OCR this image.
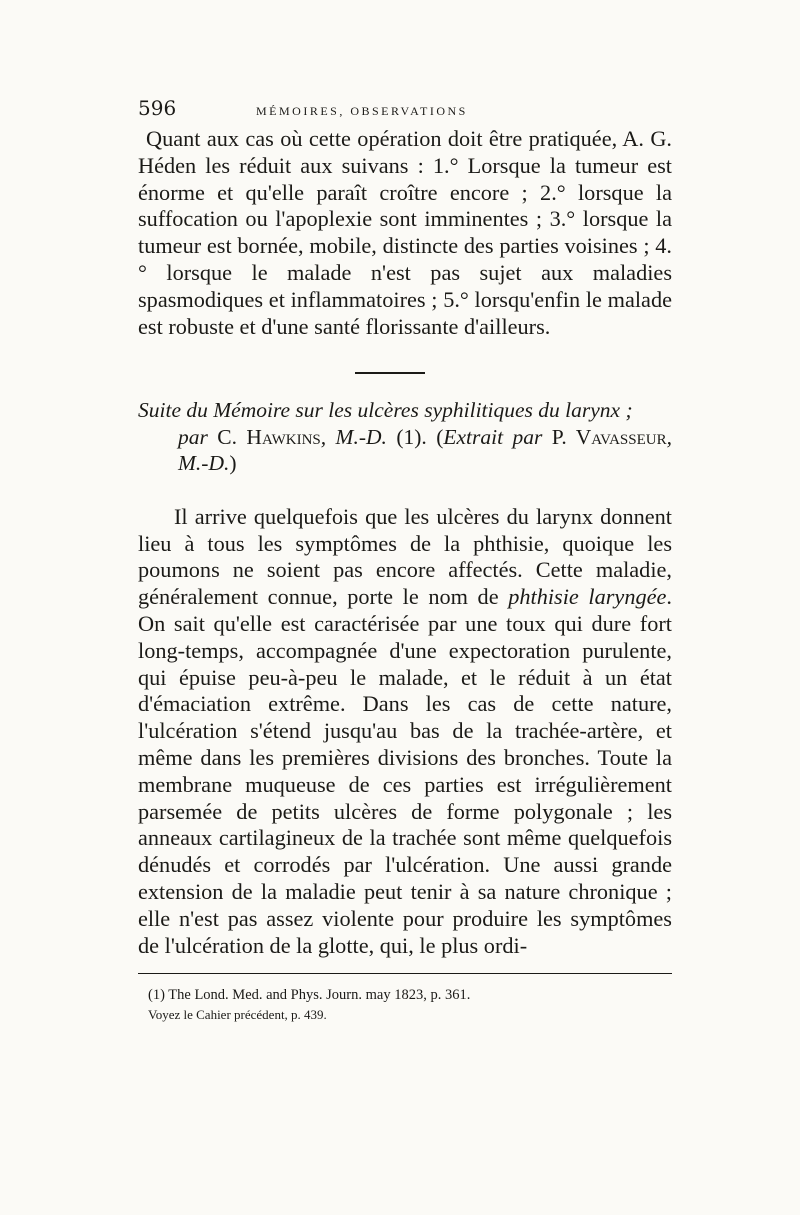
596	MÉMOIRES, OBSERVATIONS

Quant aux cas où cette opération doit être pratiquée, A. G. Héden les réduit aux suivans : 1.° Lorsque la tumeur est énorme et qu'elle paraît croître encore ; 2.° lorsque la suffocation ou l'apoplexie sont imminentes ; 3.° lorsque la tumeur est bornée, mobile, distincte des parties voisines ; 4.° lorsque le malade n'est pas sujet aux maladies spasmodiques et inflammatoires ; 5.° lorsqu'enfin le malade est robuste et d'une santé florissante d'ailleurs.

Suite du Mémoire sur les ulcères syphilitiques du larynx ;
par C. Hawkins, M.-D. (1). (Extrait par P. Vavasseur, M.-D.)

Il arrive quelquefois que les ulcères du larynx donnent lieu à tous les symptômes de la phthisie, quoique les poumons ne soient pas encore affectés. Cette maladie, généralement connue, porte le nom de phthisie laryngée. On sait qu'elle est caractérisée par une toux qui dure fort long-temps, accompagnée d'une expectoration purulente, qui épuise peu-à-peu le malade, et le réduit à un état d'émaciation extrême. Dans les cas de cette nature, l'ulcération s'étend jusqu'au bas de la trachée-artère, et même dans les premières divisions des bronches. Toute la membrane muqueuse de ces parties est irrégulièrement parsemée de petits ulcères de forme polygonale ; les anneaux cartilagineux de la trachée sont même quelquefois dénudés et corrodés par l'ulcération. Une aussi grande extension de la maladie peut tenir à sa nature chronique ; elle n'est pas assez violente pour produire les symptômes de l'ulcération de la glotte, qui, le plus ordi-

(1) The Lond. Med. and Phys. Journ. may 1823, p. 361.
Voyez le Cahier précédent, p. 439.
